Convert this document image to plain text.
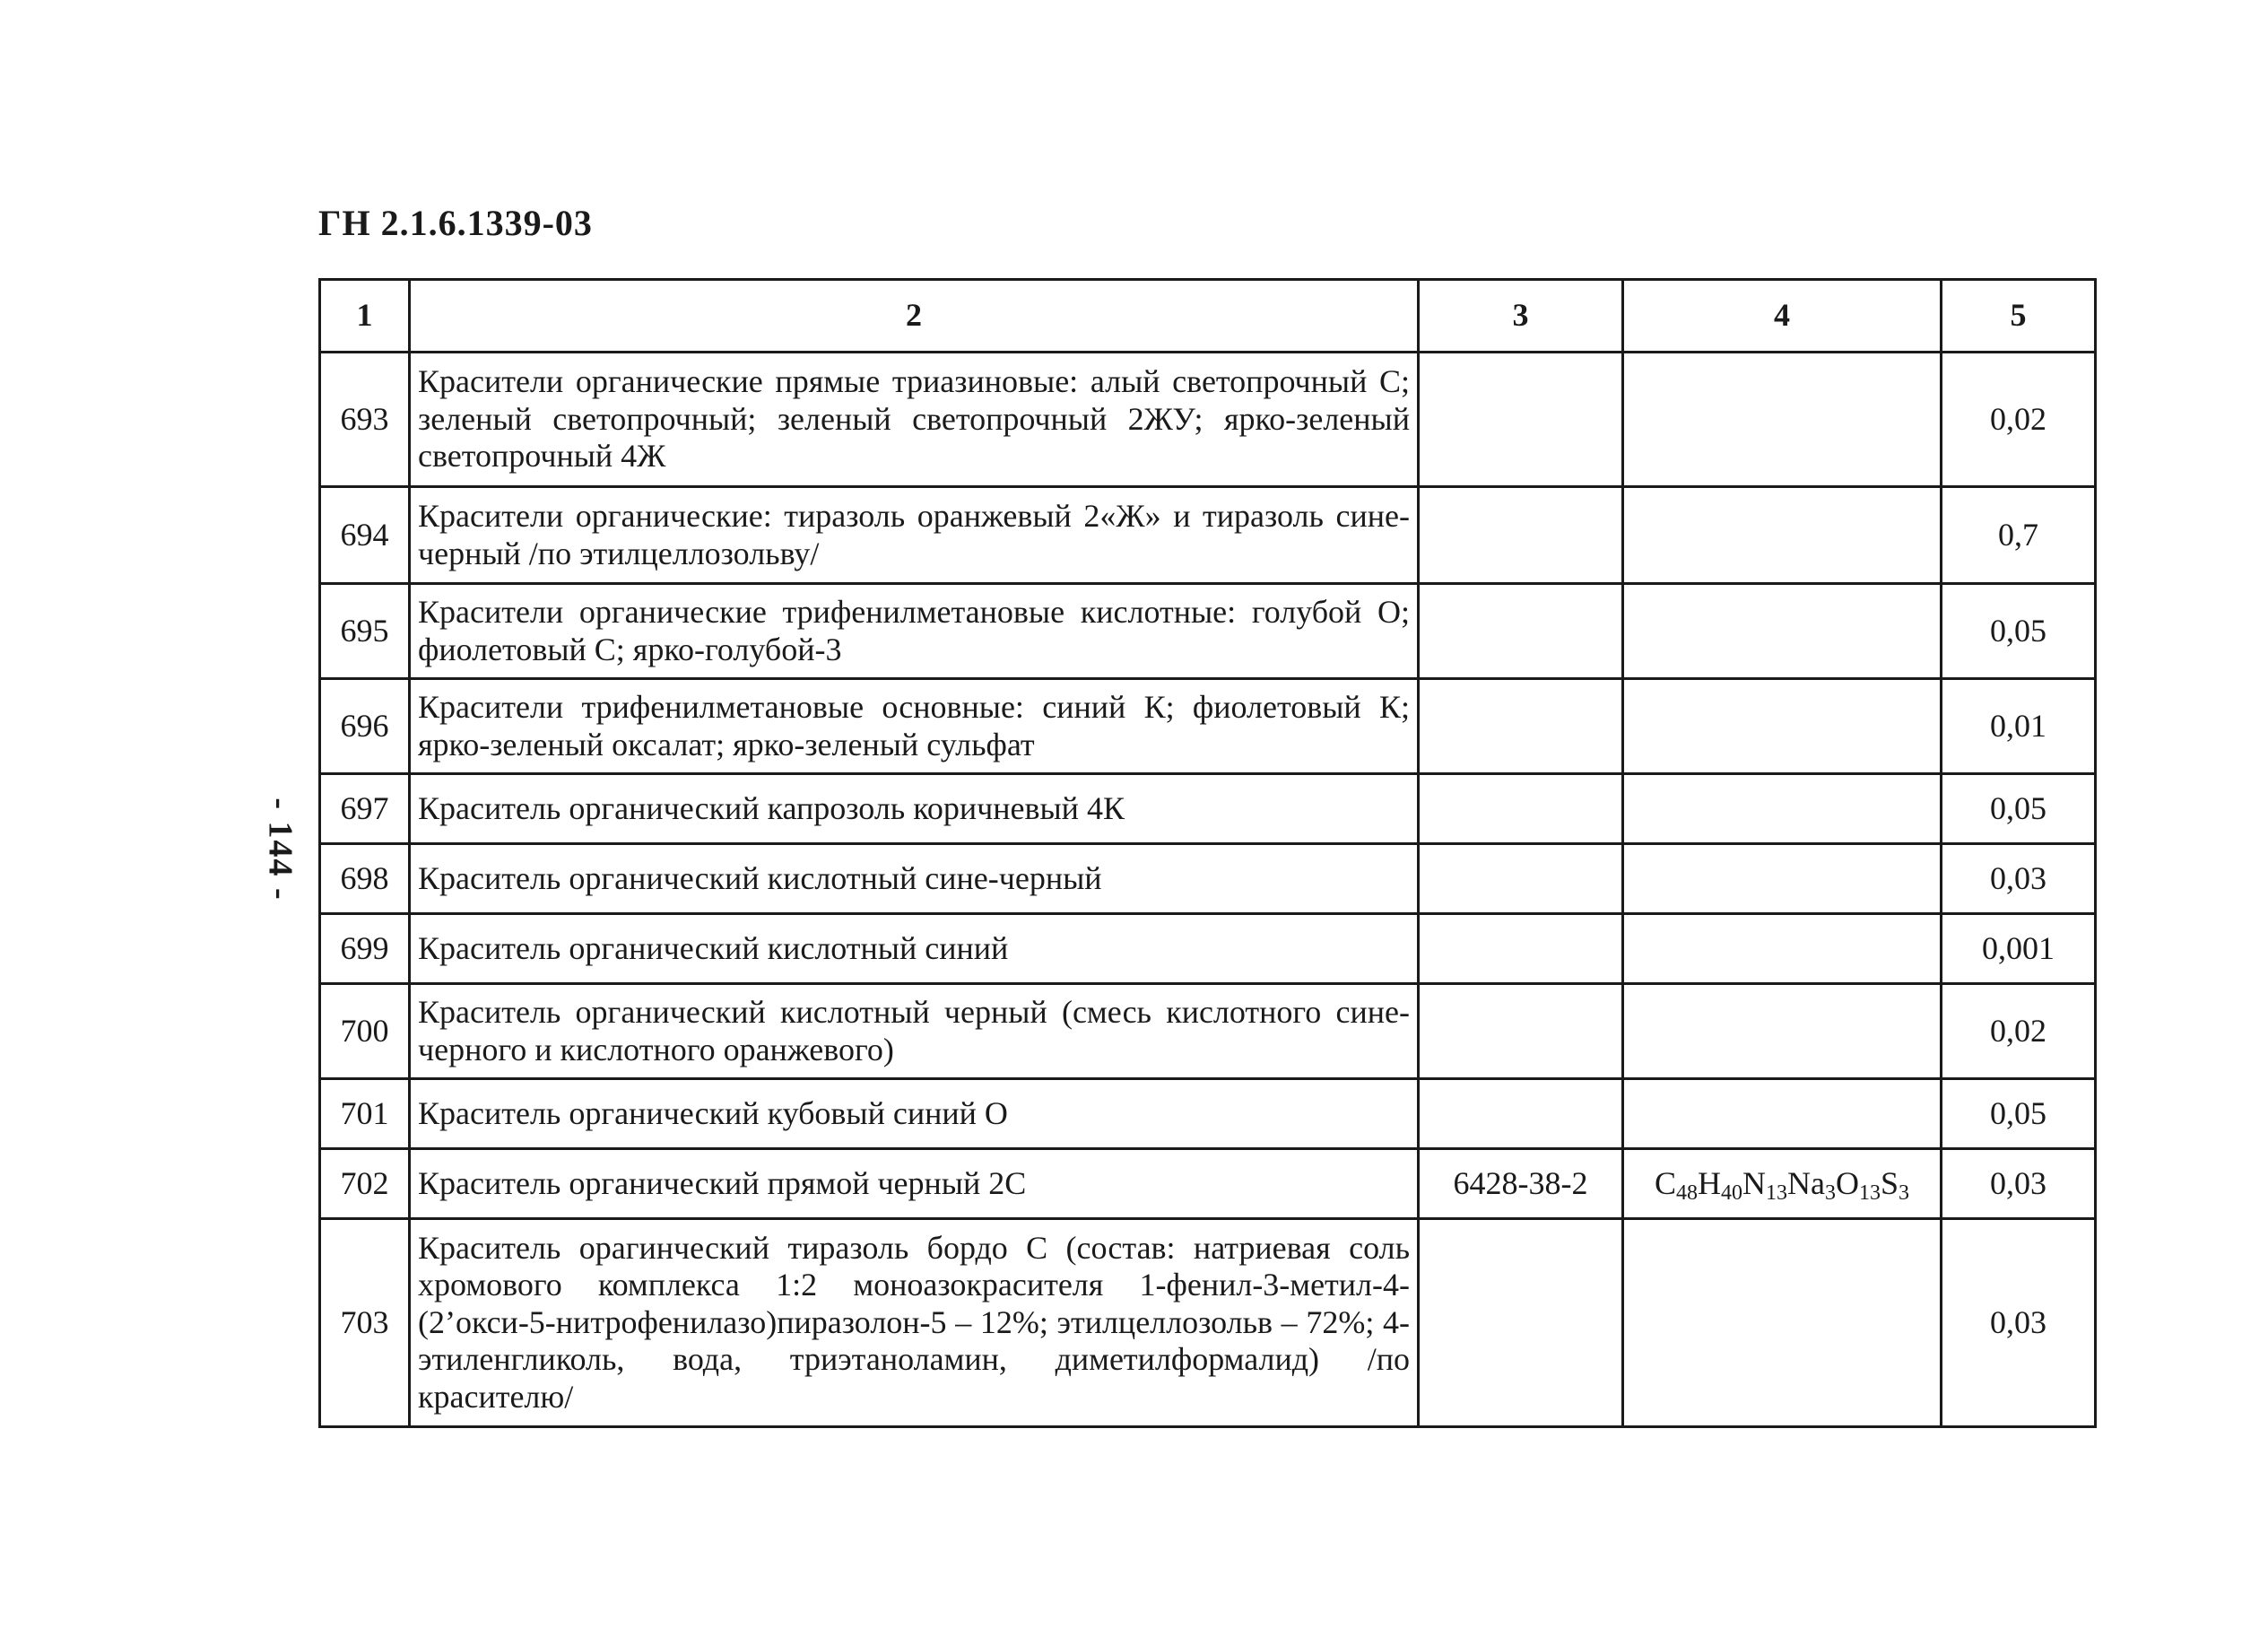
ГН 2.1.6.1339-03
- 144 -
1	2	3	4	5
693	Красители органические прямые триазиновые: алый светопрочный С; зеленый светопрочный; зеленый светопрочный 2ЖУ; ярко-зеленый светопрочный 4Ж			0,02
694	Красители органические: тиразоль оранжевый 2«Ж» и тиразоль сине-черный /по этилцеллозольву/			0,7
695	Красители органические трифенилметановые кислотные: голубой О; фиолетовый С; ярко-голубой-3			0,05
696	Красители трифенилметановые основные: синий К; фиолетовый К; ярко-зеленый оксалат; ярко-зеленый сульфат			0,01
697	Краситель органический капрозоль коричневый 4К			0,05
698	Краситель органический кислотный сине-черный			0,03
699	Краситель органический кислотный синий			0,001
700	Краситель органический кислотный черный (смесь кислотного сине-черного и кислотного оранжевого)			0,02
701	Краситель органический кубовый синий О			0,05
702	Краситель органический прямой черный 2С	6428-38-2	$C_{48}H_{40}N_{13}Na_3O_{13}S_3$	0,03
703	Краситель орагинческий тиразоль бордо С (состав: натриевая соль хромового комплекса 1:2 моноазокрасителя 1-фенил-3-метил-4-(2’окси-5-нитрофенилазо)пиразолон-5 – 12%; этилцеллозольв – 72%; 4-этиленгликоль, вода, триэтаноламин, диметилформалид) /по красителю/			0,03
